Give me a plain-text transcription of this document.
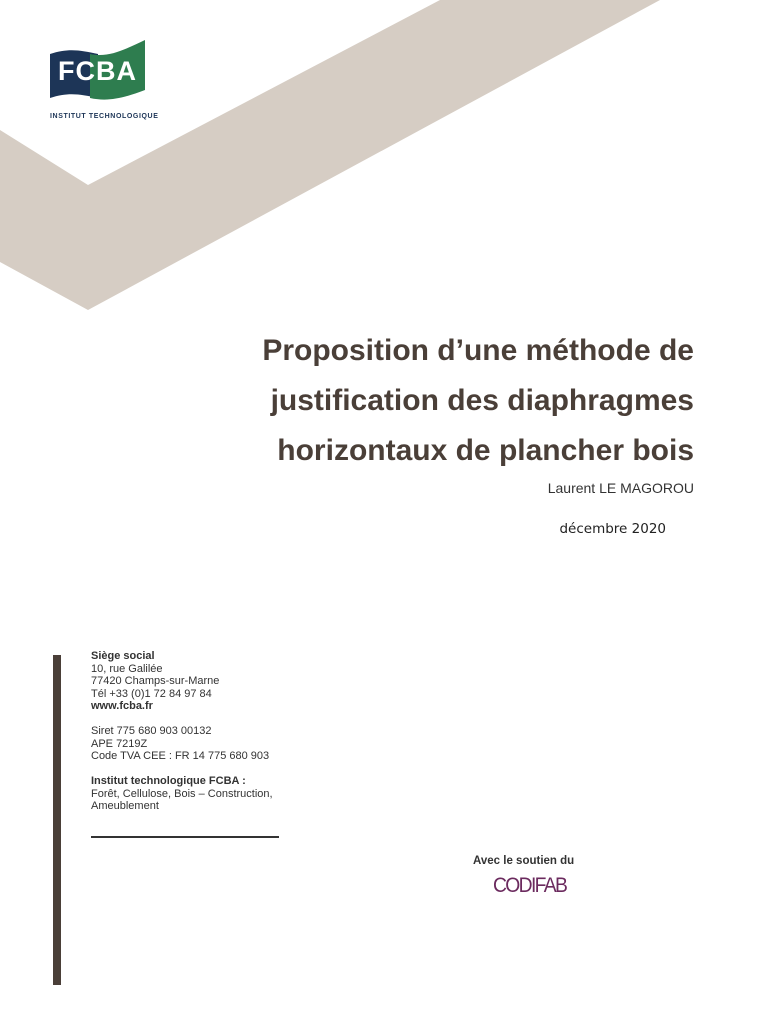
FCBA
INSTITUT TECHNOLOGIQUE
Proposition d’une méthode de
justification des diaphragmes
horizontaux de plancher bois
Laurent LE MAGOROU
décembre 2020
Siège social
10, rue Galilée
77420 Champs-sur-Marne
Tél +33 (0)1 72 84 97 84
www.fcba.fr
Siret 775 680 903 00132
APE 7219Z
Code TVA CEE : FR 14 775 680 903
Institut technologique FCBA :
Forêt, Cellulose, Bois – Construction,
Ameublement
Avec le soutien du
CODIFAB
